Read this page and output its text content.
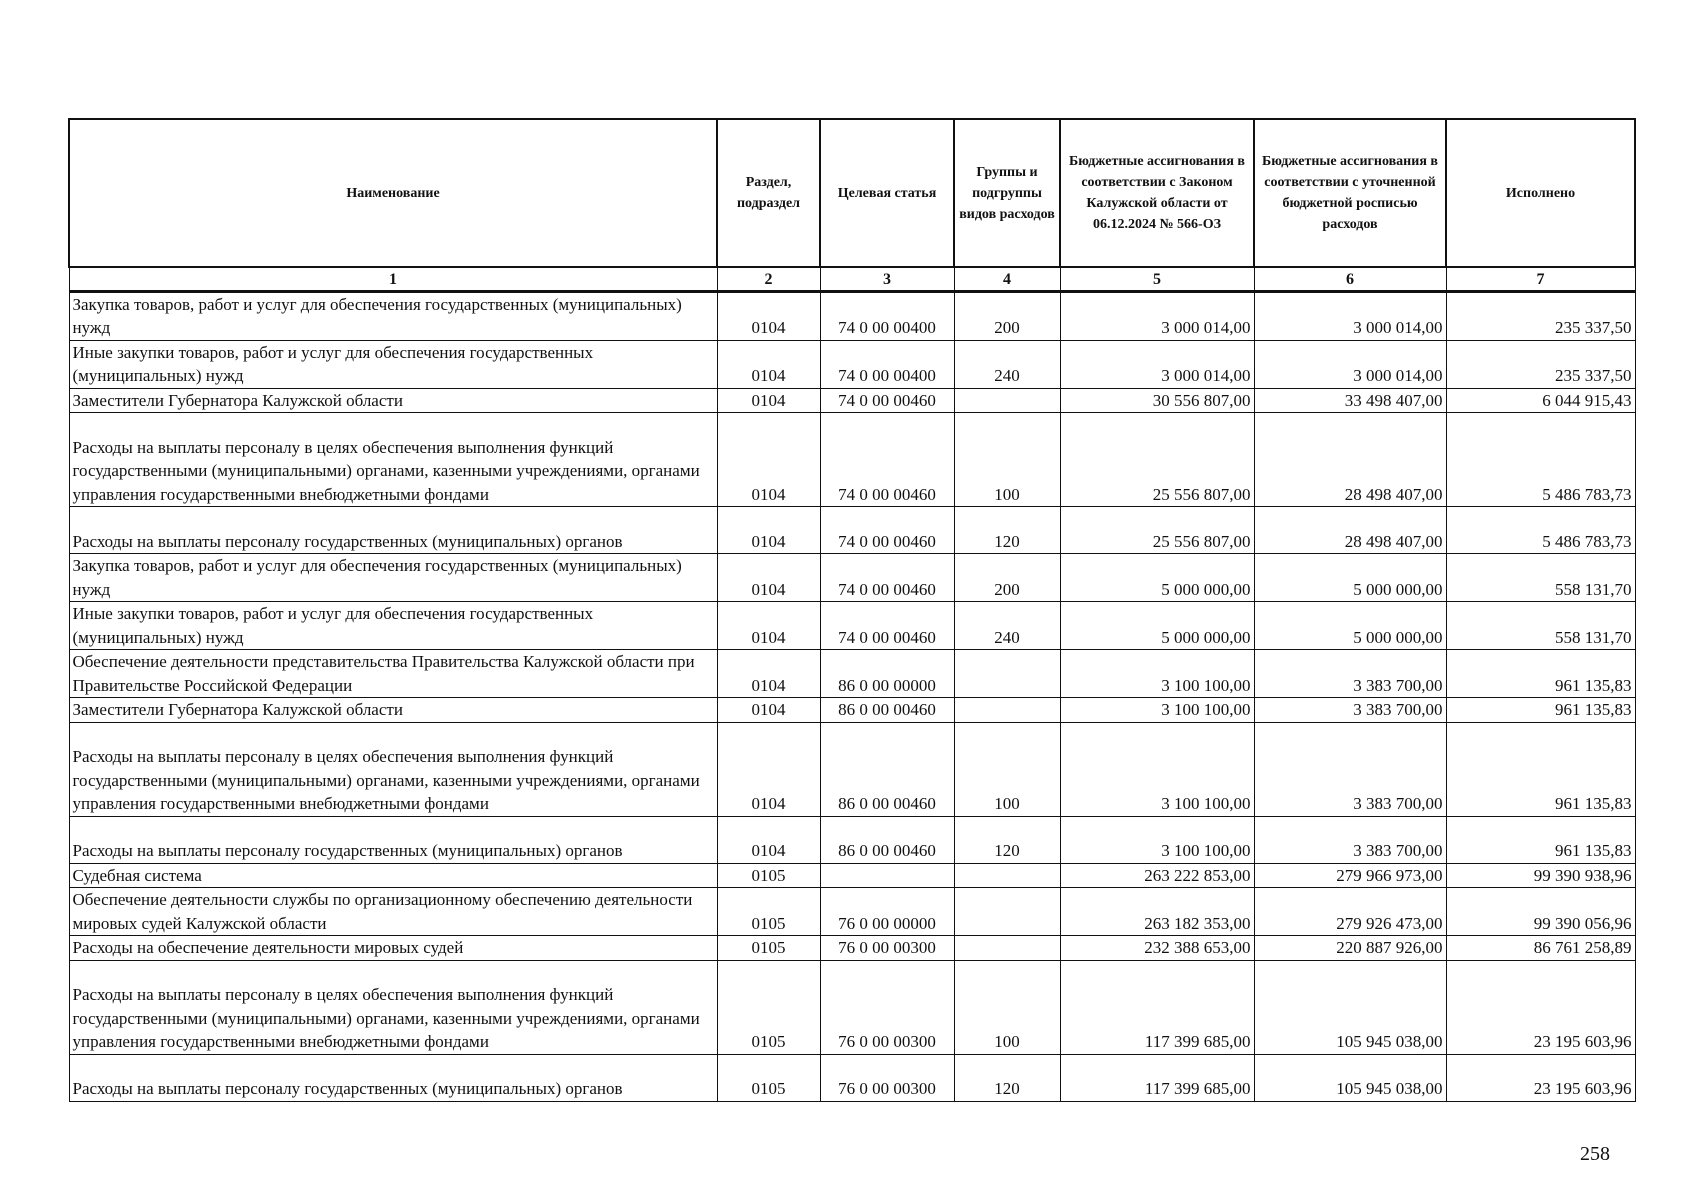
Наименование	Раздел, подраздел	Целевая статья	Группы и подгруппы видов расходов	Бюджетные ассигнования в соответствии с Законом Калужской области от 06.12.2024 № 566-ОЗ	Бюджетные ассигнования в соответствии с уточненной бюджетной росписью расходов	Исполнено
1	2	3	4	5	6	7
Закупка товаров, работ и услуг для обеспечения государственных (муниципальных) нужд	0104	74 0 00 00400	200	3 000 014,00	3 000 014,00	235 337,50
Иные закупки товаров, работ и услуг для обеспечения государственных (муниципальных) нужд	0104	74 0 00 00400	240	3 000 014,00	3 000 014,00	235 337,50
Заместители Губернатора Калужской области	0104	74 0 00 00460		30 556 807,00	33 498 407,00	6 044 915,43
Расходы на выплаты персоналу в целях обеспечения выполнения функций государственными (муниципальными) органами, казенными учреждениями, органами управления государственными внебюджетными фондами	0104	74 0 00 00460	100	25 556 807,00	28 498 407,00	5 486 783,73
Расходы на выплаты персоналу государственных (муниципальных) органов	0104	74 0 00 00460	120	25 556 807,00	28 498 407,00	5 486 783,73
Закупка товаров, работ и услуг для обеспечения государственных (муниципальных) нужд	0104	74 0 00 00460	200	5 000 000,00	5 000 000,00	558 131,70
Иные закупки товаров, работ и услуг для обеспечения государственных (муниципальных) нужд	0104	74 0 00 00460	240	5 000 000,00	5 000 000,00	558 131,70
Обеспечение деятельности представительства Правительства Калужской области при Правительстве Российской Федерации	0104	86 0 00 00000		3 100 100,00	3 383 700,00	961 135,83
Заместители Губернатора Калужской области	0104	86 0 00 00460		3 100 100,00	3 383 700,00	961 135,83
Расходы на выплаты персоналу в целях обеспечения выполнения функций государственными (муниципальными) органами, казенными учреждениями, органами управления государственными внебюджетными фондами	0104	86 0 00 00460	100	3 100 100,00	3 383 700,00	961 135,83
Расходы на выплаты персоналу государственных (муниципальных) органов	0104	86 0 00 00460	120	3 100 100,00	3 383 700,00	961 135,83
Судебная система	0105			263 222 853,00	279 966 973,00	99 390 938,96
Обеспечение деятельности службы по организационному обеспечению деятельности мировых судей Калужской области	0105	76 0 00 00000		263 182 353,00	279 926 473,00	99 390 056,96
Расходы на обеспечение деятельности мировых судей	0105	76 0 00 00300		232 388 653,00	220 887 926,00	86 761 258,89
Расходы на выплаты персоналу в целях обеспечения выполнения функций государственными (муниципальными) органами, казенными учреждениями, органами управления государственными внебюджетными фондами	0105	76 0 00 00300	100	117 399 685,00	105 945 038,00	23 195 603,96
Расходы на выплаты персоналу государственных (муниципальных) органов	0105	76 0 00 00300	120	117 399 685,00	105 945 038,00	23 195 603,96
258
